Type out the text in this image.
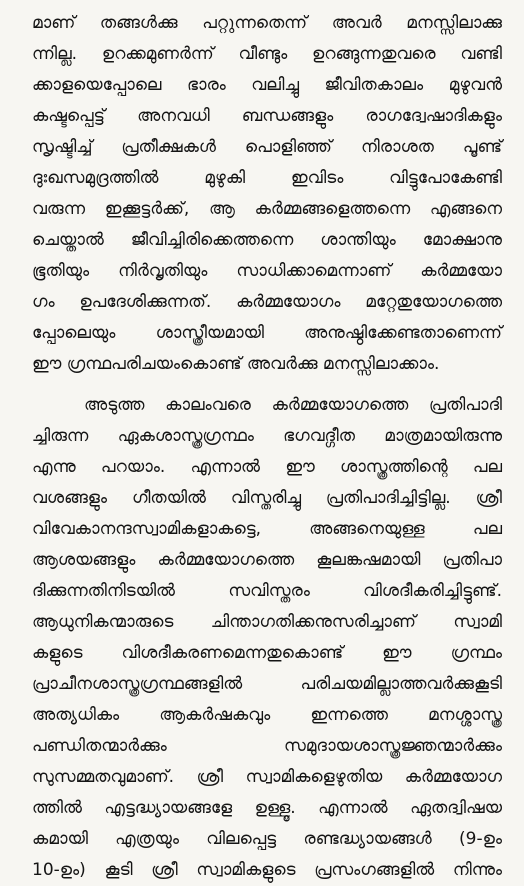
മാണ് തങ്ങൾക്കു പറ്റുന്നതെന്ന് അവർ മനസ്സിലാക്കു
ന്നില്ല. ഉറക്കമുണർന്ന് വീണ്ടും ഉറങ്ങുന്നതുവരെ വണ്ടി
ക്കാളയെപ്പോലെ ഭാരം വലിച്ചു ജീവിതകാലം മുഴുവൻ
കഷ്ടപ്പെട്ട് അനവധി ബന്ധങ്ങളും രാഗദ്വേഷാദികളും
സൃഷ്ടിച്ച് പ്രതീക്ഷകൾ പൊളിഞ്ഞ് നിരാശത പൂണ്ട്
ദുഃഖസമുദ്രത്തിൽ മുഴുകി ഇവിടം വിട്ടുപോകേണ്ടി
വരുന്ന ഇക്കൂട്ടർക്ക്, ആ കർമ്മങ്ങളെത്തന്നെ എങ്ങനെ
ചെയ്താൽ ജീവിച്ചിരിക്കെത്തന്നെ ശാന്തിയും മോക്ഷാനു
ഭൂതിയും നിർവൃതിയും സാധിക്കാമെന്നാണ് കർമ്മയോ
ഗം ഉപദേശിക്കുന്നത്. കർമ്മയോഗം മറ്റേതുയോഗത്തെ
പ്പോലെയും ശാസ്ത്രീയമായി അനുഷ്ഠിക്കേണ്ടതാണെന്ന്
ഈ ഗ്രന്ഥപരിചയംകൊണ്ട് അവർക്കു മനസ്സിലാക്കാം.

അടുത്ത കാലംവരെ കർമ്മയോഗത്തെ പ്രതിപാദി
ച്ചിരുന്ന ഏകശാസ്ത്രഗ്രന്ഥം ഭഗവദ്ഗീത മാത്രമായിരുന്നു
എന്നു പറയാം. എന്നാൽ ഈ ശാസ്ത്രത്തിന്റെ പല
വശങ്ങളും ഗീതയിൽ വിസ്തരിച്ചു പ്രതിപാദിച്ചിട്ടില്ല. ശ്രീ
വിവേകാനന്ദസ്വാമികളാകട്ടെ, അങ്ങനെയുള്ള പല
ആശയങ്ങളും കർമ്മയോഗത്തെ കൂലങ്കഷമായി പ്രതിപാ
ദിക്കുന്നതിനിടയിൽ സവിസ്തരം വിശദീകരിച്ചിട്ടുണ്ട്.
ആധുനികന്മാരുടെ ചിന്താഗതിക്കനുസരിച്ചാണ് സ്വാമി
കളുടെ വിശദീകരണമെന്നതുകൊണ്ട് ഈ ഗ്രന്ഥം
പ്രാചീനശാസ്ത്രഗ്രന്ഥങ്ങളിൽ പരിചയമില്ലാത്തവർക്കുകൂടി
അത്യധികം ആകർഷകവും ഇന്നത്തെ മനശ്ശാസ്ത്ര
പണ്ഡിതന്മാർക്കും സമുദായശാസ്ത്രജ്ഞന്മാർക്കും
സുസമ്മതവുമാണ്. ശ്രീ സ്വാമികളെഴുതിയ കർമ്മയോഗ
ത്തിൽ എട്ടദ്ധ്യായങ്ങളേ ഉള്ളൂ. എന്നാൽ ഏതദ്വിഷയ
കമായി എത്രയും വിലപ്പെട്ട രണ്ടദ്ധ്യായങ്ങൾ (9-ഉം
10-ഉം) കൂടി ശ്രീ സ്വാമികളുടെ പ്രസംഗങ്ങളിൽ നിന്നും
